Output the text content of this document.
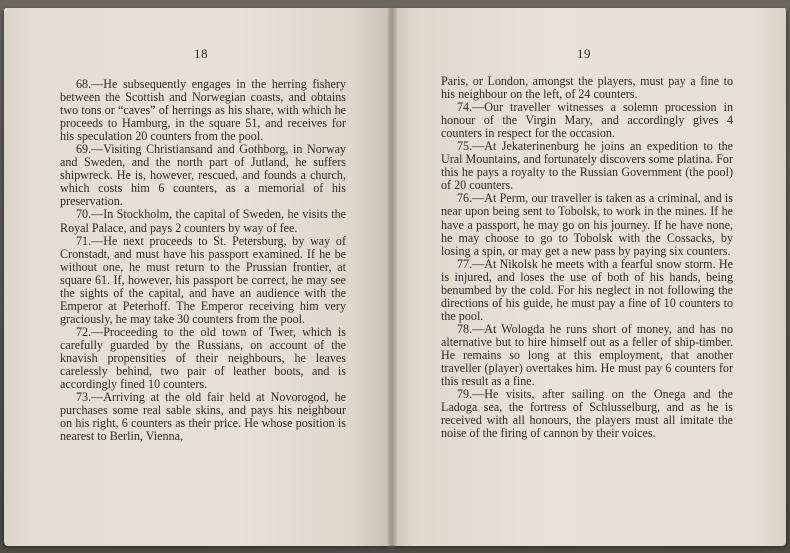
18

68.—He subsequently engages in the herring fishery between the Scottish and Norwegian coasts, and obtains two tons or “caves” of herrings as his share, with which he proceeds to Hamburg, in the square 51, and receives for his speculation 20 counters from the pool.

69.—Visiting Christiansand and Gothborg, in Norway and Sweden, and the north part of Jutland, he suffers shipwreck. He is, however, rescued, and founds a church, which costs him 6 counters, as a memorial of his preservation.

70.—In Stockholm, the capital of Sweden, he visits the Royal Palace, and pays 2 counters by way of fee.

71.—He next proceeds to St. Petersburg, by way of Cronstadt, and must have his passport examined. If he be without one, he must return to the Prussian frontier, at square 61. If, however, his passport be correct, he may see the sights of the capital, and have an audience with the Emperor at Peterhoff. The Emperor receiving him very graciously, he may take 30 counters from the pool.

72.—Proceeding to the old town of Twer, which is carefully guarded by the Russians, on account of the knavish propensities of their neighbours, he leaves carelessly behind, two pair of leather boots, and is accordingly fined 10 counters.

73.—Arriving at the old fair held at Novorogod, he purchases some real sable skins, and pays his neighbour on his right, 6 counters as their price. He whose position is nearest to Berlin, Vienna,

19

Paris, or London, amongst the players, must pay a fine to his neighbour on the left, of 24 counters.

74.—Our traveller witnesses a solemn procession in honour of the Virgin Mary, and accordingly gives 4 counters in respect for the occasion.

75.—At Jekaterinenburg he joins an expedition to the Ural Mountains, and fortunately discovers some platina. For this he pays a royalty to the Russian Government (the pool) of 20 counters.

76.—At Perm, our traveller is taken as a criminal, and is near upon being sent to Tobolsk, to work in the mines. If he have a passport, he may go on his journey. If he have none, he may choose to go to Tobolsk with the Cossacks, by losing a spin, or may get a new pass by paying six counters.

77.—At Nikolsk he meets with a fearful snow storm. He is injured, and loses the use of both of his hands, being benumbed by the cold. For his neglect in not following the directions of his guide, he must pay a fine of 10 counters to the pool.

78.—At Wologda he runs short of money, and has no alternative but to hire himself out as a feller of ship-timber. He remains so long at this employment, that another traveller (player) overtakes him. He must pay 6 counters for this result as a fine.

79.—He visits, after sailing on the Onega and the Ladoga sea, the fortress of Schlusselburg, and as he is received with all honours, the players must all imitate the noise of the firing of cannon by their voices.
